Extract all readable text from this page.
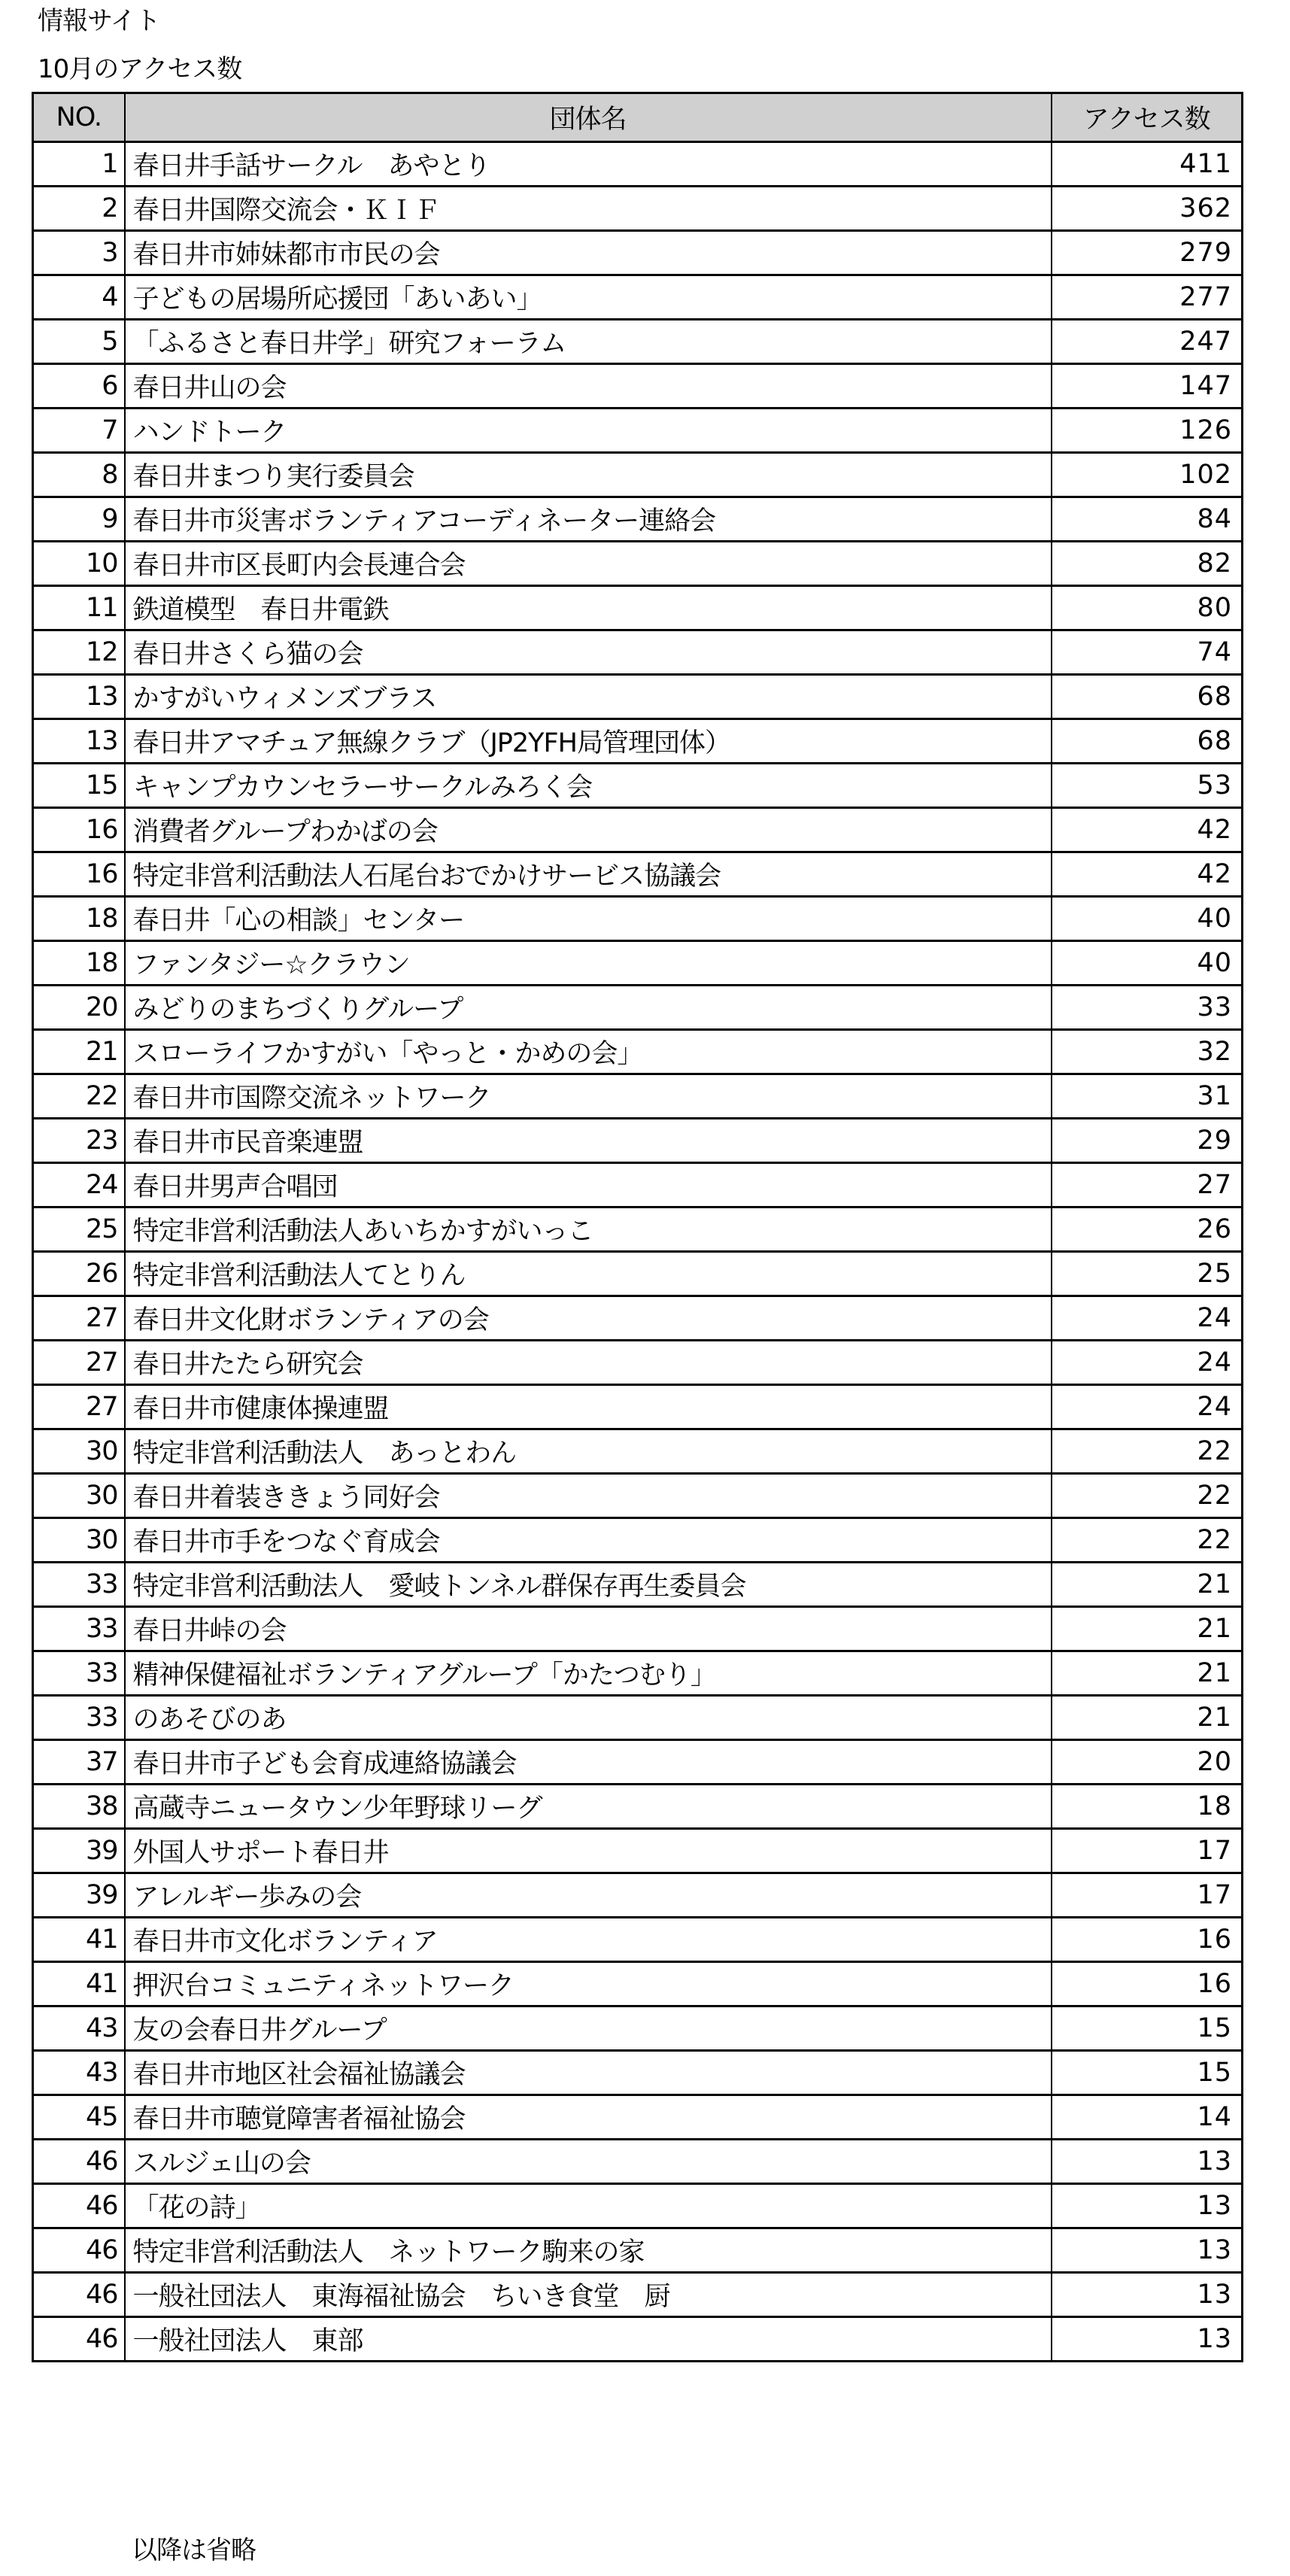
情報サイト
10月のアクセス数
NO.	団体名	アクセス数
1	春日井手話サークル　あやとり	411
2	春日井国際交流会・ＫＩＦ	362
3	春日井市姉妹都市市民の会	279
4	子どもの居場所応援団「あいあい」	277
5	「ふるさと春日井学」研究フォーラム	247
6	春日井山の会	147
7	ハンドトーク	126
8	春日井まつり実行委員会	102
9	春日井市災害ボランティアコーディネーター連絡会	84
10	春日井市区長町内会長連合会	82
11	鉄道模型　春日井電鉄	80
12	春日井さくら猫の会	74
13	かすがいウィメンズブラス	68
13	春日井アマチュア無線クラブ（JP2YFH局管理団体）	68
15	キャンプカウンセラーサークルみろく会	53
16	消費者グループわかばの会	42
16	特定非営利活動法人石尾台おでかけサービス協議会	42
18	春日井「心の相談」センター	40
18	ファンタジー☆クラウン	40
20	みどりのまちづくりグループ	33
21	スローライフかすがい「やっと・かめの会」	32
22	春日井市国際交流ネットワーク	31
23	春日井市民音楽連盟	29
24	春日井男声合唱団	27
25	特定非営利活動法人あいちかすがいっこ	26
26	特定非営利活動法人てとりん	25
27	春日井文化財ボランティアの会	24
27	春日井たたら研究会	24
27	春日井市健康体操連盟	24
30	特定非営利活動法人　あっとわん	22
30	春日井着装ききょう同好会	22
30	春日井市手をつなぐ育成会	22
33	特定非営利活動法人　愛岐トンネル群保存再生委員会	21
33	春日井峠の会	21
33	精神保健福祉ボランティアグループ「かたつむり」	21
33	のあそびのあ	21
37	春日井市子ども会育成連絡協議会	20
38	高蔵寺ニュータウン少年野球リーグ	18
39	外国人サポート春日井	17
39	アレルギー歩みの会	17
41	春日井市文化ボランティア	16
41	押沢台コミュニティネットワーク	16
43	友の会春日井グループ	15
43	春日井市地区社会福祉協議会	15
45	春日井市聴覚障害者福祉協会	14
46	スルジェ山の会	13
46	「花の詩」	13
46	特定非営利活動法人　ネットワーク駒来の家	13
46	一般社団法人　東海福祉協会　ちいき食堂　厨	13
46	一般社団法人　東部	13
以降は省略
